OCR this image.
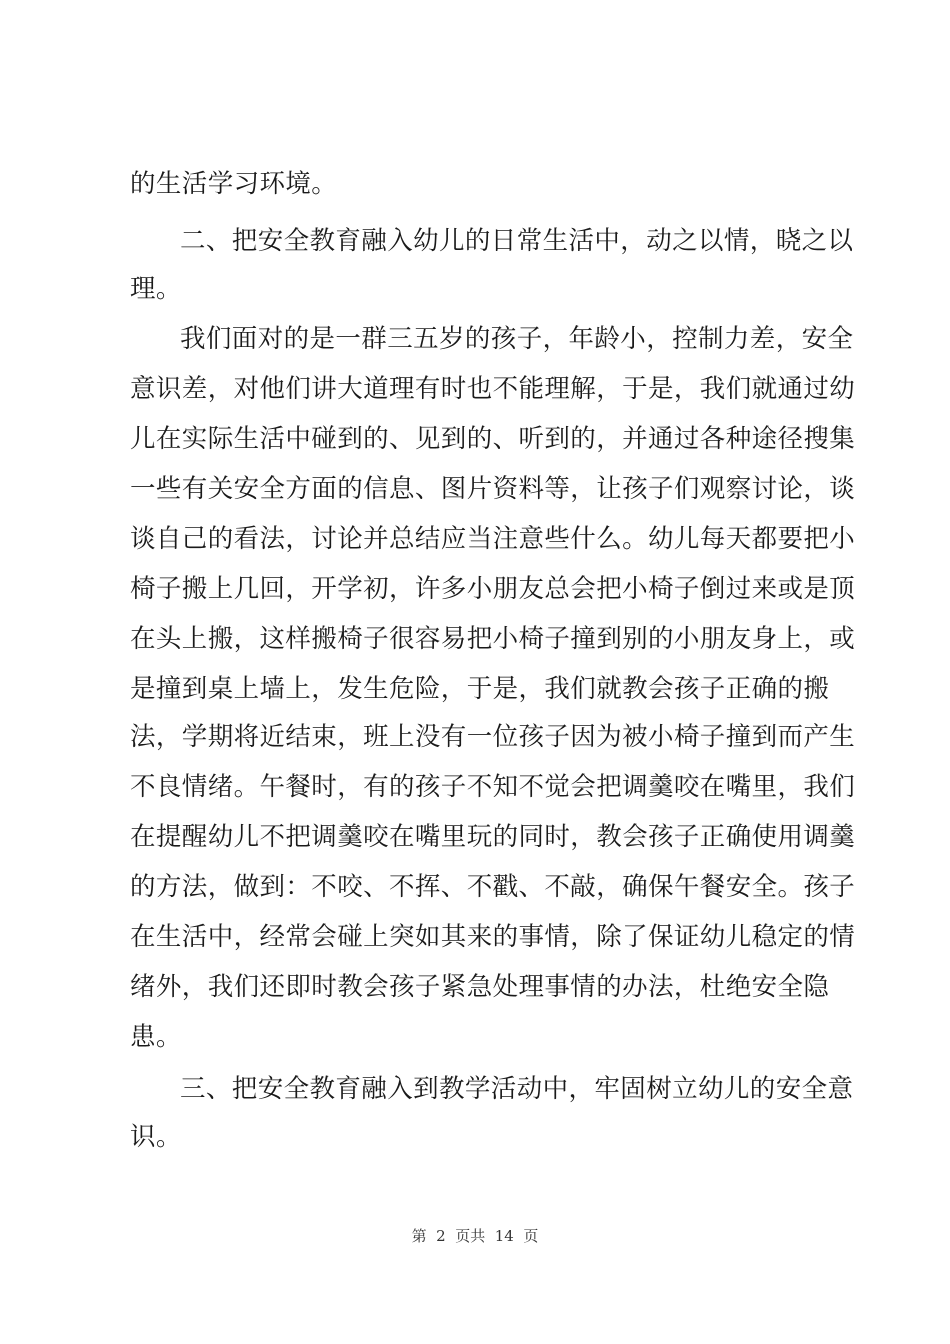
的生活学习环境。
二、把安全教育融入幼儿的日常生活中，动之以情，晓之以
理。
我们面对的是一群三五岁的孩子，年龄小，控制力差，安全
意识差，对他们讲大道理有时也不能理解，于是，我们就通过幼
儿在实际生活中碰到的、见到的、听到的，并通过各种途径搜集
一些有关安全方面的信息、图片资料等，让孩子们观察讨论，谈
谈自己的看法，讨论并总结应当注意些什么。幼儿每天都要把小
椅子搬上几回，开学初，许多小朋友总会把小椅子倒过来或是顶
在头上搬，这样搬椅子很容易把小椅子撞到别的小朋友身上，或
是撞到桌上墙上，发生危险，于是，我们就教会孩子正确的搬
法，学期将近结束，班上没有一位孩子因为被小椅子撞到而产生
不良情绪。午餐时，有的孩子不知不觉会把调羹咬在嘴里，我们
在提醒幼儿不把调羹咬在嘴里玩的同时，教会孩子正确使用调羹
的方法，做到：不咬、不挥、不戳、不敲，确保午餐安全。孩子
在生活中，经常会碰上突如其来的事情，除了保证幼儿稳定的情
绪外，我们还即时教会孩子紧急处理事情的办法，杜绝安全隐
患。
三、把安全教育融入到教学活动中，牢固树立幼儿的安全意
识。
第  2  页共  14  页
